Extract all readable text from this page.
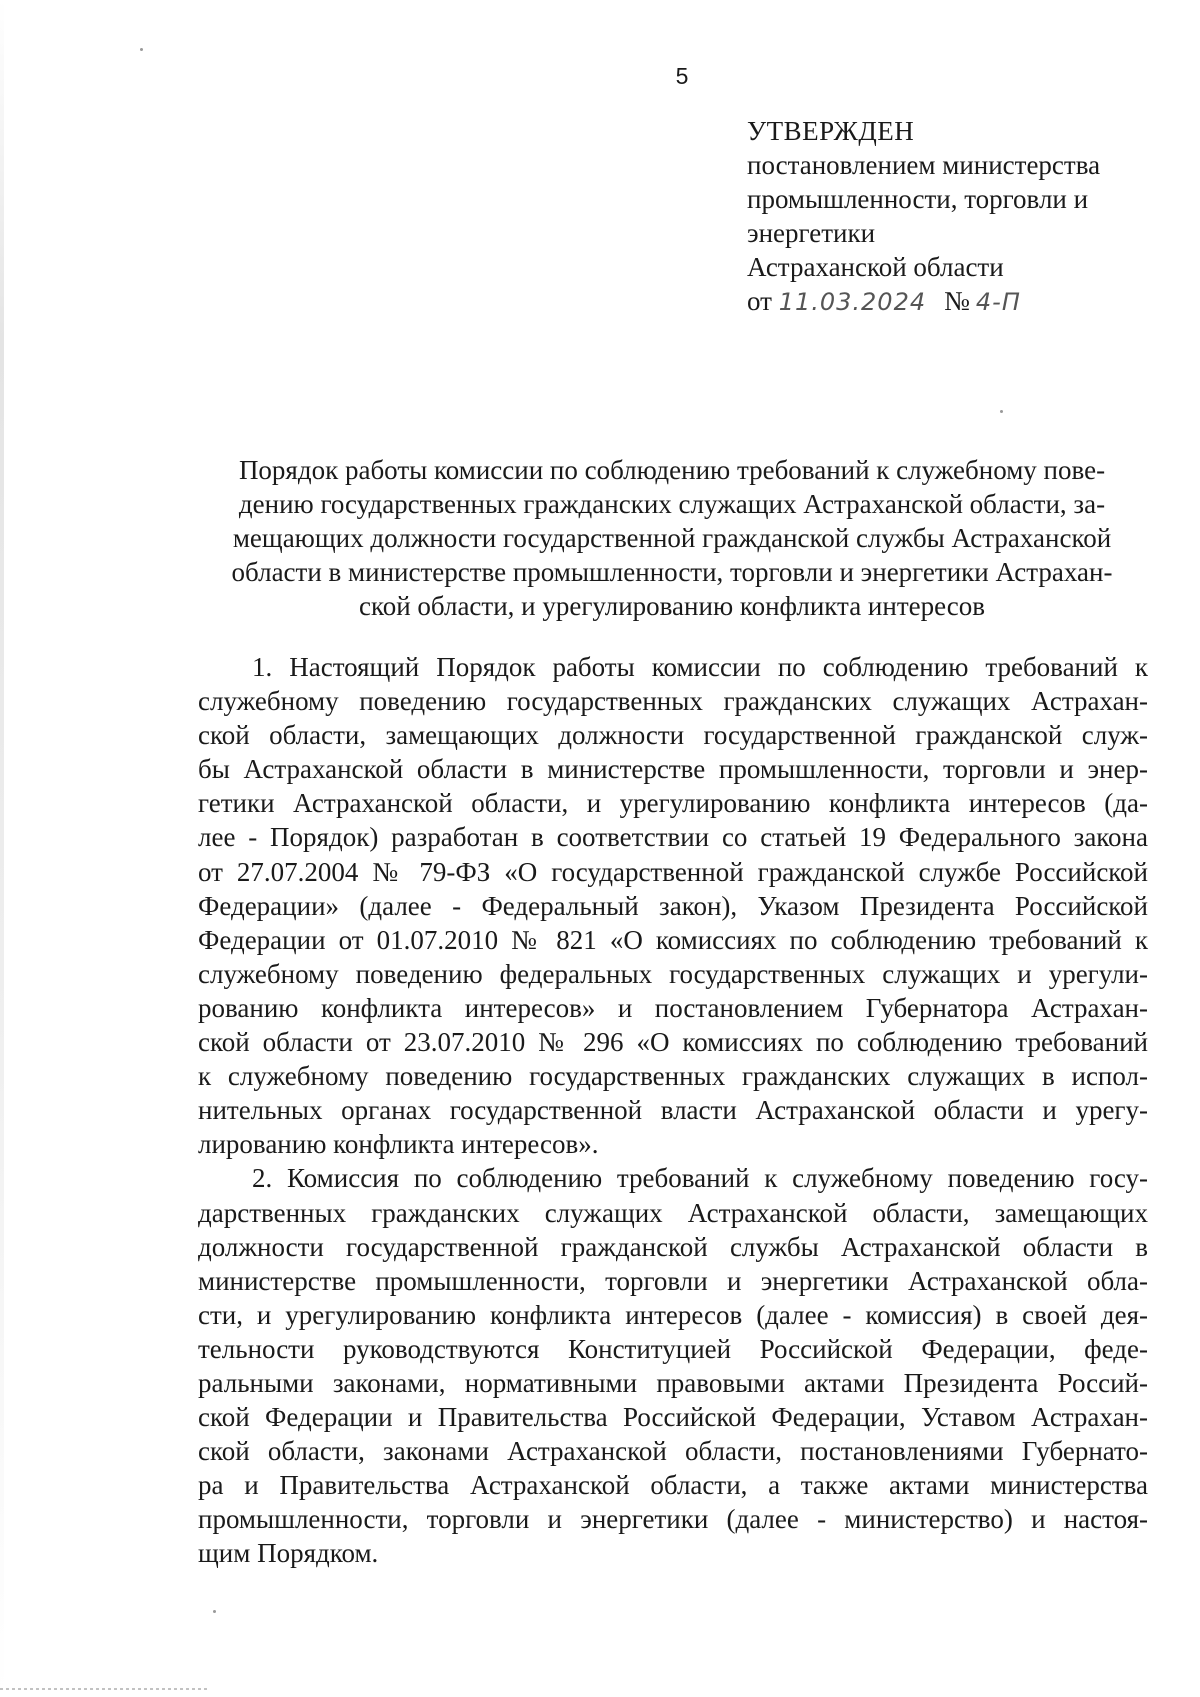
5
УТВЕРЖДЕН
постановлением министерства
промышленности, торговли и
энергетики
Астраханской области
от 11.03.2024 № 4-П
Порядок работы комиссии по соблюдению требований к служебному пове-
дению государственных гражданских служащих Астраханской области, за-
мещающих должности государственной гражданской службы Астраханской
области в министерстве промышленности, торговли и энергетики Астрахан-
ской области, и урегулированию конфликта интересов
1. Настоящий Порядок работы комиссии по соблюдению требований к
служебному поведению государственных гражданских служащих Астрахан-
ской области, замещающих должности государственной гражданской служ-
бы Астраханской области в министерстве промышленности, торговли и энер-
гетики Астраханской области, и урегулированию конфликта интересов (да-
лее - Порядок) разработан в соответствии со статьей 19 Федерального закона
от 27.07.2004 № 79-ФЗ «О государственной гражданской службе Российской
Федерации» (далее - Федеральный закон), Указом Президента Российской
Федерации от 01.07.2010 № 821 «О комиссиях по соблюдению требований к
служебному поведению федеральных государственных служащих и урегули-
рованию конфликта интересов» и постановлением Губернатора Астрахан-
ской области от 23.07.2010 № 296 «О комиссиях по соблюдению требований
к служебному поведению государственных гражданских служащих в испол-
нительных органах государственной власти Астраханской области и урегу-
лированию конфликта интересов».
2. Комиссия по соблюдению требований к служебному поведению госу-
дарственных гражданских служащих Астраханской области, замещающих
должности государственной гражданской службы Астраханской области в
министерстве промышленности, торговли и энергетики Астраханской обла-
сти, и урегулированию конфликта интересов (далее - комиссия) в своей дея-
тельности руководствуются Конституцией Российской Федерации, феде-
ральными законами, нормативными правовыми актами Президента Россий-
ской Федерации и Правительства Российской Федерации, Уставом Астрахан-
ской области, законами Астраханской области, постановлениями Губернато-
ра и Правительства Астраханской области, а также актами министерства
промышленности, торговли и энергетики (далее - министерство) и настоя-
щим Порядком.
